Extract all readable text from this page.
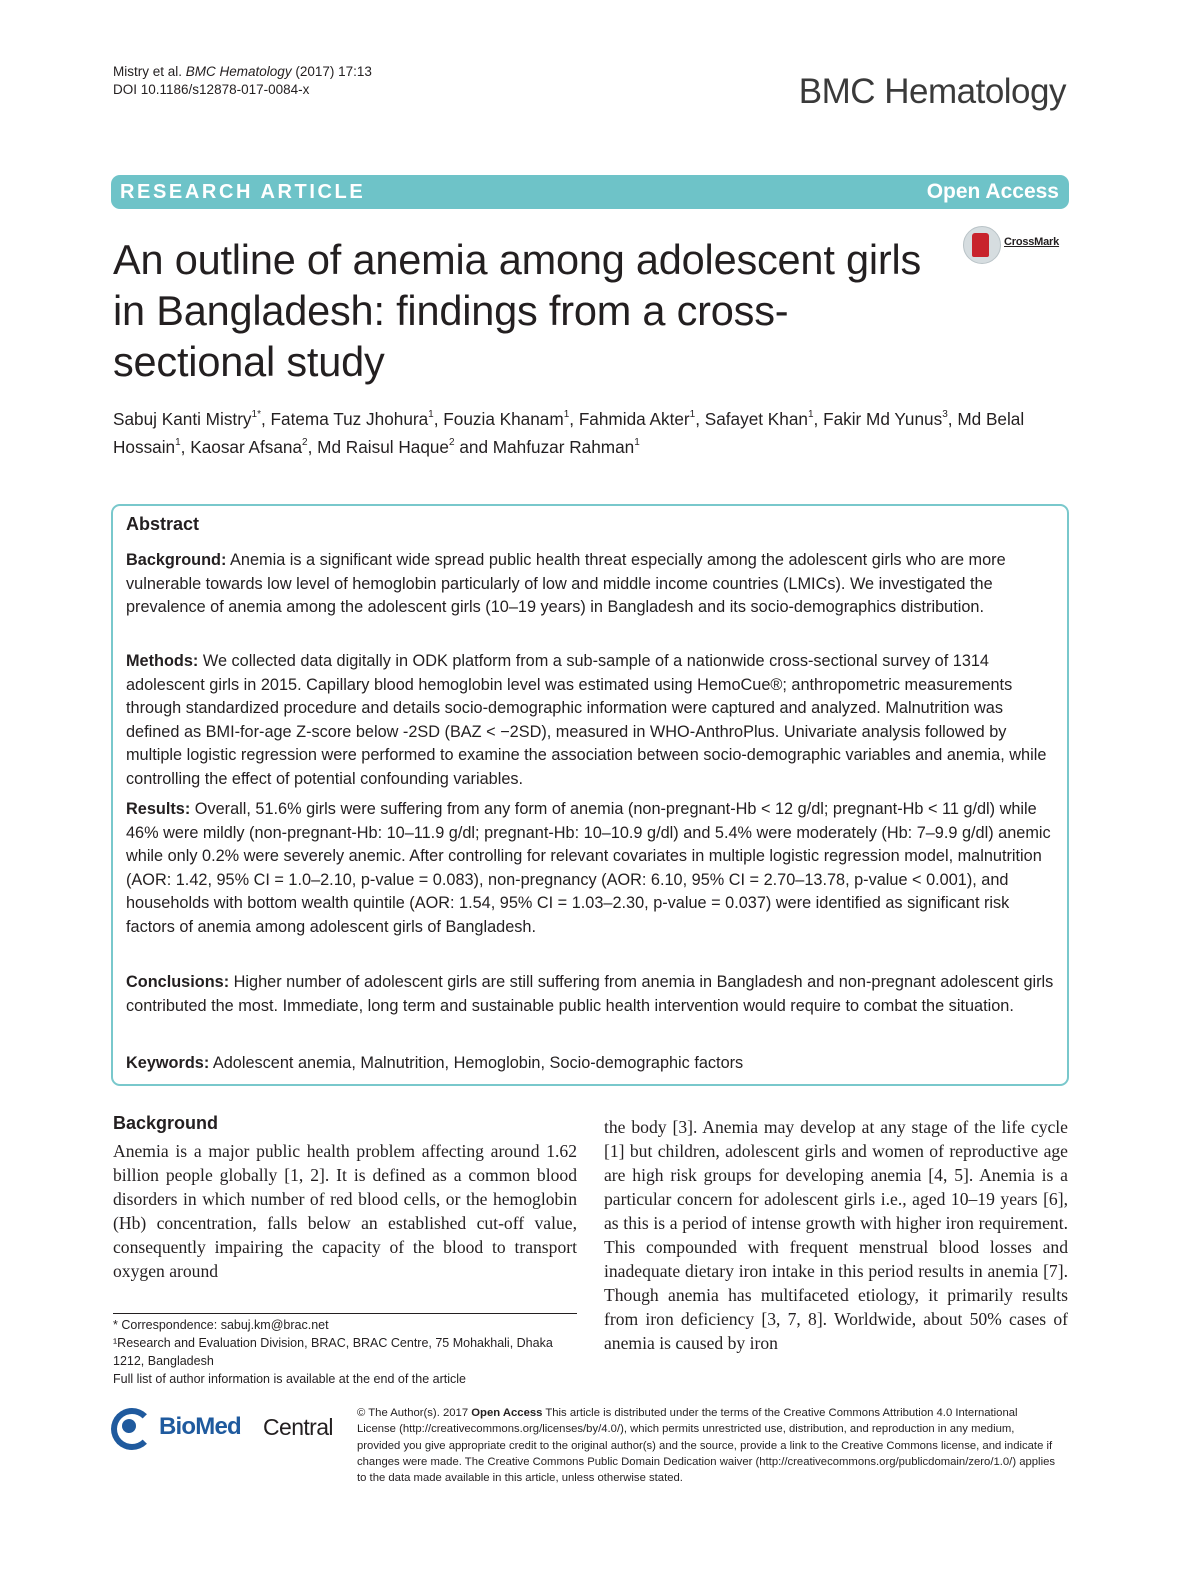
Mistry et al. BMC Hematology (2017) 17:13
DOI 10.1186/s12878-017-0084-x	BMC Hematology
RESEARCH ARTICLE	Open Access
CrossMark
An outline of anemia among adolescent girls in Bangladesh: findings from a cross-sectional study
Sabuj Kanti Mistry$^{1*}$, Fatema Tuz Jhohura$^1$, Fouzia Khanam$^1$, Fahmida Akter$^1$, Safayet Khan$^1$, Fakir Md Yunus$^3$, Md Belal Hossain$^1$, Kaosar Afsana$^2$, Md Raisul Haque$^2$ and Mahfuzar Rahman$^1$
Abstract
Background: Anemia is a significant wide spread public health threat especially among the adolescent girls who are more vulnerable towards low level of hemoglobin particularly of low and middle income countries (LMICs). We investigated the prevalence of anemia among the adolescent girls (10–19 years) in Bangladesh and its socio-demographics distribution.
Methods: We collected data digitally in ODK platform from a sub-sample of a nationwide cross-sectional survey of 1314 adolescent girls in 2015. Capillary blood hemoglobin level was estimated using HemoCue®; anthropometric measurements through standardized procedure and details socio-demographic information were captured and analyzed. Malnutrition was defined as BMI-for-age Z-score below -2SD (BAZ < −2SD), measured in WHO-AnthroPlus. Univariate analysis followed by multiple logistic regression were performed to examine the association between socio-demographic variables and anemia, while controlling the effect of potential confounding variables.
Results: Overall, 51.6% girls were suffering from any form of anemia (non-pregnant-Hb < 12 g/dl; pregnant-Hb < 11 g/dl) while 46% were mildly (non-pregnant-Hb: 10–11.9 g/dl; pregnant-Hb: 10–10.9 g/dl) and 5.4% were moderately (Hb: 7–9.9 g/dl) anemic while only 0.2% were severely anemic. After controlling for relevant covariates in multiple logistic regression model, malnutrition (AOR: 1.42, 95% CI = 1.0–2.10, p-value = 0.083), non-pregnancy (AOR: 6.10, 95% CI = 2.70–13.78, p-value < 0.001), and households with bottom wealth quintile (AOR: 1.54, 95% CI = 1.03–2.30, p-value = 0.037) were identified as significant risk factors of anemia among adolescent girls of Bangladesh.
Conclusions: Higher number of adolescent girls are still suffering from anemia in Bangladesh and non-pregnant adolescent girls contributed the most. Immediate, long term and sustainable public health intervention would require to combat the situation.
Keywords: Adolescent anemia, Malnutrition, Hemoglobin, Socio-demographic factors
Background
Anemia is a major public health problem affecting around 1.62 billion people globally [1, 2]. It is defined as a common blood disorders in which number of red blood cells, or the hemoglobin (Hb) concentration, falls below an established cut-off value, consequently impairing the capacity of the blood to transport oxygen around
the body [3]. Anemia may develop at any stage of the life cycle [1] but children, adolescent girls and women of reproductive age are high risk groups for developing anemia [4, 5]. Anemia is a particular concern for adolescent girls i.e., aged 10–19 years [6], as this is a period of intense growth with higher iron requirement. This compounded with frequent menstrual blood losses and inadequate dietary iron intake in this period results in anemia [7]. Though anemia has multifaceted etiology, it primarily results from iron deficiency [3, 7, 8]. Worldwide, about 50% cases of anemia is caused by iron
* Correspondence: sabuj.km@brac.net
¹Research and Evaluation Division, BRAC, BRAC Centre, 75 Mohakhali, Dhaka 1212, Bangladesh
Full list of author information is available at the end of the article
BioMed Central
© The Author(s). 2017 Open Access This article is distributed under the terms of the Creative Commons Attribution 4.0 International License (http://creativecommons.org/licenses/by/4.0/), which permits unrestricted use, distribution, and reproduction in any medium, provided you give appropriate credit to the original author(s) and the source, provide a link to the Creative Commons license, and indicate if changes were made. The Creative Commons Public Domain Dedication waiver (http://creativecommons.org/publicdomain/zero/1.0/) applies to the data made available in this article, unless otherwise stated.
